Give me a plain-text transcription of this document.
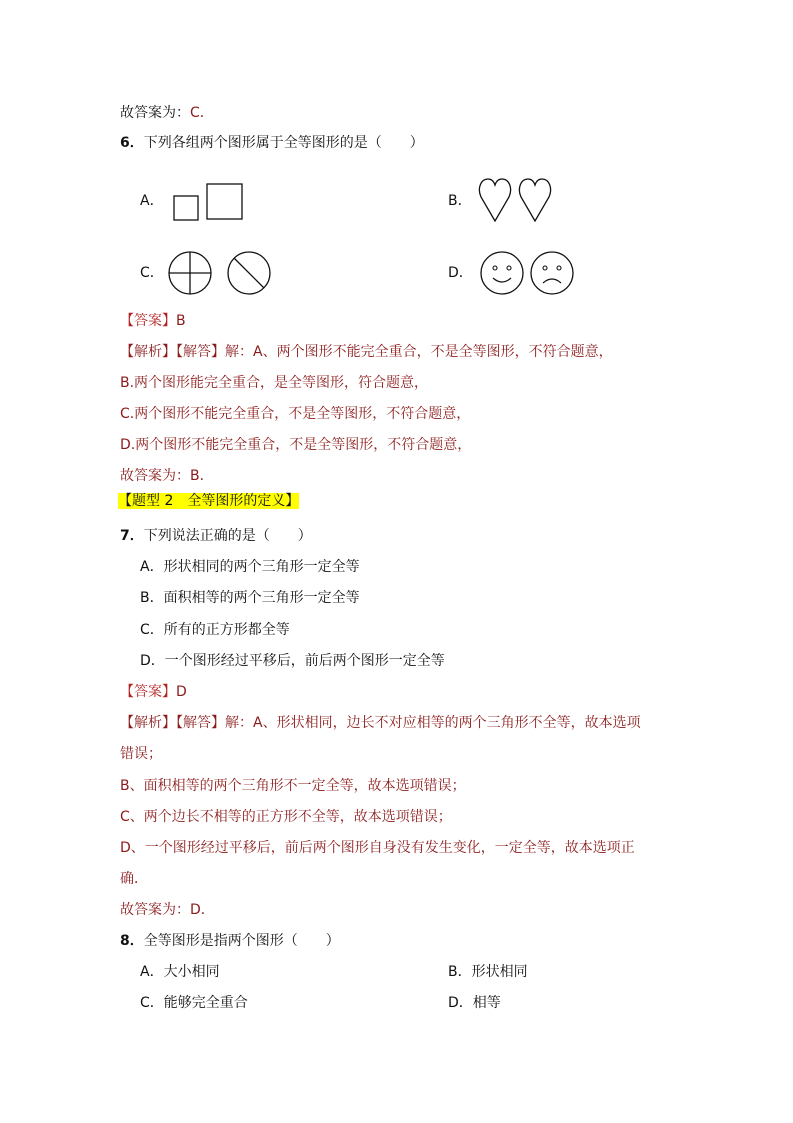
故答案为：C．
6．下列各组两个图形属于全等图形的是（　　）
A．	B．
C．	D．
【答案】B
【解析】【解答】解：A、两个图形不能完全重合，不是全等图形，不符合题意，
B.两个图形能完全重合，是全等图形，符合题意，
C.两个图形不能完全重合，不是全等图形，不符合题意，
D.两个图形不能完全重合，不是全等图形，不符合题意，
故答案为：B.
【题型 2　全等图形的定义】
7．下列说法正确的是（　　）
A．形状相同的两个三角形一定全等
B．面积相等的两个三角形一定全等
C．所有的正方形都全等
D．一个图形经过平移后，前后两个图形一定全等
【答案】D
【解析】【解答】解：A、形状相同，边长不对应相等的两个三角形不全等，故本选项
错误；
B、面积相等的两个三角形不一定全等，故本选项错误；
C、两个边长不相等的正方形不全等，故本选项错误；
D、一个图形经过平移后，前后两个图形自身没有发生变化，一定全等，故本选项正
确．
故答案为：D．
8．全等图形是指两个图形（　　）
A．大小相同	B．形状相同
C．能够完全重合	D．相等
